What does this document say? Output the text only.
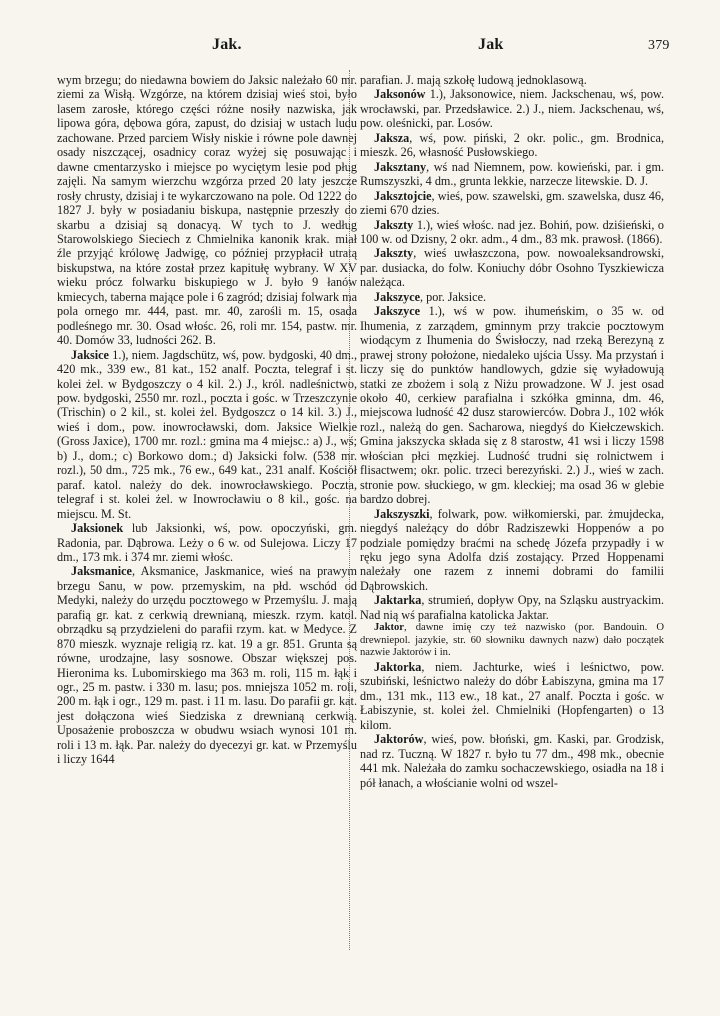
Jak.	Jak	379

wym brzegu; do niedawna bowiem do Jaksic należało 60 mr. ziemi za Wisłą. Wzgórze, na którem dzisiaj wieś stoi, było lasem zarosłe, którego części różne nosiły nazwiska, jak lipowa góra, dębowa góra, zapust, do dzisiaj w ustach ludu zachowane. Przed parciem Wisły niskie i równe pole dawnej osady niszczącej, osadnicy coraz wyżej się posuwając i dawne cmentarzysko i miejsce po wyciętym lesie pod pług zajęli. Na samym wierzchu wzgórza przed 20 laty jeszcze rosły chrusty, dzisiaj i te wykarczowano na pole. Od 1222 do 1827 J. były w posiadaniu biskupa, następnie przeszły do skarbu a dzisiaj są donacyą. W tych to J. według Starowolskiego Sieciech z Chmielnika kanonik krak. miał źle przyjąć królowę Jadwigę, co później przypłacił utratą biskupstwa, na które został przez kapitułę wybrany. W XV wieku prócz folwarku biskupiego w J. było 9 łanów kmiecych, taberna mające pole i 6 zagród; dzisiaj folwark ma pola ornego mr. 444, past. mr. 40, zarośli m. 15, osada podleśnego mr. 30. Osad włośc. 26, roli mr. 154, pastw. mr. 40. Domów 33, ludności 262. B.

Jaksice 1.), niem. Jagdschütz, wś, pow. bydgoski, 40 dm., 420 mk., 339 ew., 81 kat., 152 analf. Poczta, telegraf i st. kolei żel. w Bydgoszczy o 4 kil. 2.) J., król. nadleśnictwo, pow. bydgoski, 2550 mr. rozl., poczta i gośc. w Trzeszczynie (Trischin) o 2 kil., st. kolei żel. Bydgoszcz o 14 kil. 3.) J., wieś i dom., pow. inowrocławski, dom. Jaksice Wielkie (Gross Jaxice), 1700 mr. rozl.: gmina ma 4 miejsc.: a) J., wś; b) J., dom.; c) Borkowo dom.; d) Jaksicki folw. (538 mr. rozl.), 50 dm., 725 mk., 76 ew., 649 kat., 231 analf. Kościół paraf. katol. należy do dek. inowrocławskiego. Poczta, telegraf i st. kolei żel. w Inowrocławiu o 8 kil., gośc. na miejscu. M. St.

Jaksionek lub Jaksionki, wś, pow. opoczyński, gm. Radonia, par. Dąbrowa. Leży o 6 w. od Sulejowa. Liczy 17 dm., 173 mk. i 374 mr. ziemi włośc.

Jaksmanice, Aksmanice, Jaskmanice, wieś na prawym brzegu Sanu, w pow. przemyskim, na płd. wschód od Medyki, należy do urzędu pocztowego w Przemyślu. J. mają parafią gr. kat. z cerkwią drewnianą, mieszk. rzym. katol. obrządku są przydzieleni do parafii rzym. kat. w Medyce. Z 870 mieszk. wyznaje religią rz. kat. 19 a gr. 851. Grunta są równe, urodzajne, lasy sosnowe. Obszar większej pos. Hieronima ks. Lubomirskiego ma 363 m. roli, 115 m. łąk i ogr., 25 m. pastw. i 330 m. lasu; pos. mniejsza 1052 m. roli, 200 m. łąk i ogr., 129 m. past. i 11 m. lasu. Do parafii gr. kat. jest dołączona wieś Siedziska z drewnianą cerkwią. Uposażenie proboszcza w obudwu wsiach wynosi 101 m. roli i 13 m. łąk. Par. należy do dyecezyi gr. kat. w Przemyślu i liczy 1644

parafian. J. mają szkołę ludową jednoklasową.

Jaksonów 1.), Jaksonowice, niem. Jackschenau, wś, pow. wrocławski, par. Przedsławice. 2.) J., niem. Jackschenau, wś, pow. oleśnicki, par. Losów.

Jaksza, wś, pow. piński, 2 okr. polic., gm. Brodnica, mieszk. 26, własność Pusłowskiego.

Jaksztany, wś nad Niemnem, pow. kowieński, par. i gm. Rumszyszki, 4 dm., grunta lekkie, narzecze litewskie. D. J.

Jaksztojcie, wieś, pow. szawelski, gm. szawelska, dusz 46, ziemi 670 dzies.

Jakszty 1.), wieś włośc. nad jez. Bohiń, pow. dziśieński, o 100 w. od Dzisny, 2 okr. adm., 4 dm., 83 mk. prawosł. (1866).

Jakszty, wieś uwłaszczona, pow. nowoaleksandrowski, par. dusiacka, do folw. Koniuchy dóbr Osohno Tyszkiewicza należąca.

Jakszyce, por. Jaksice.

Jakszyce 1.), wś w pow. ihumeńskim, o 35 w. od Ihumenia, z zarządem, gminnym przy trakcie pocztowym wiodącym z Ihumenia do Świsłoczy, nad rzeką Berezyną z prawej strony położone, niedaleko ujścia Ussy. Ma przystań i liczy się do punktów handlowych, gdzie się wyładowują statki ze zbożem i solą z Niżu prowadzone. W J. jest osad około 40, cerkiew parafialna i szkółka gminna, dm. 46, miejscowa ludność 42 dusz starowierców. Dobra J., 102 włók rozl., należą do gen. Sacharowa, niegdyś do Kiełczewskich. Gmina jakszycka składa się z 8 starostw, 41 wsi i liczy 1598 włościan płci męzkiej. Ludność trudni się rolnictwem i flisactwem; okr. polic. trzeci berezyński. 2.) J., wieś w zach. stronie pow. słuckiego, w gm. kleckiej; ma osad 36 w glebie bardzo dobrej.

Jakszyszki, folwark, pow. wiłkomierski, par. żmujdecka, niegdyś należący do dóbr Radziszewki Hoppenów a po podziale pomiędzy braćmi na schedę Józefa przypadły i w ręku jego syna Adolfa dziś zostający. Przed Hoppenami należały one razem z innemi dobrami do familii Dąbrowskich.

Jaktarka, strumień, dopływ Opy, na Szląsku austryackim. Nad nią wś parafialna katolicka Jaktar.

Jaktor, dawne imię czy też nazwisko (por. Bandouin. O drewniepol. jazykie, str. 60 słowniku dawnych nazw) dało początek nazwie Jaktorów i in.

Jaktorka, niem. Jachturke, wieś i leśnictwo, pow. szubiński, leśnictwo należy do dóbr Łabiszyna, gmina ma 17 dm., 131 mk., 113 ew., 18 kat., 27 analf. Poczta i gośc. w Łabiszynie, st. kolei żel. Chmielniki (Hopfengarten) o 13 kilom.

Jaktorów, wieś, pow. błoński, gm. Kaski, par. Grodzisk, nad rz. Tuczną. W 1827 r. było tu 77 dm., 498 mk., obecnie 441 mk. Należała do zamku sochaczewskiego, osiadła na 18 i pół łanach, a włościanie wolni od wszel-
